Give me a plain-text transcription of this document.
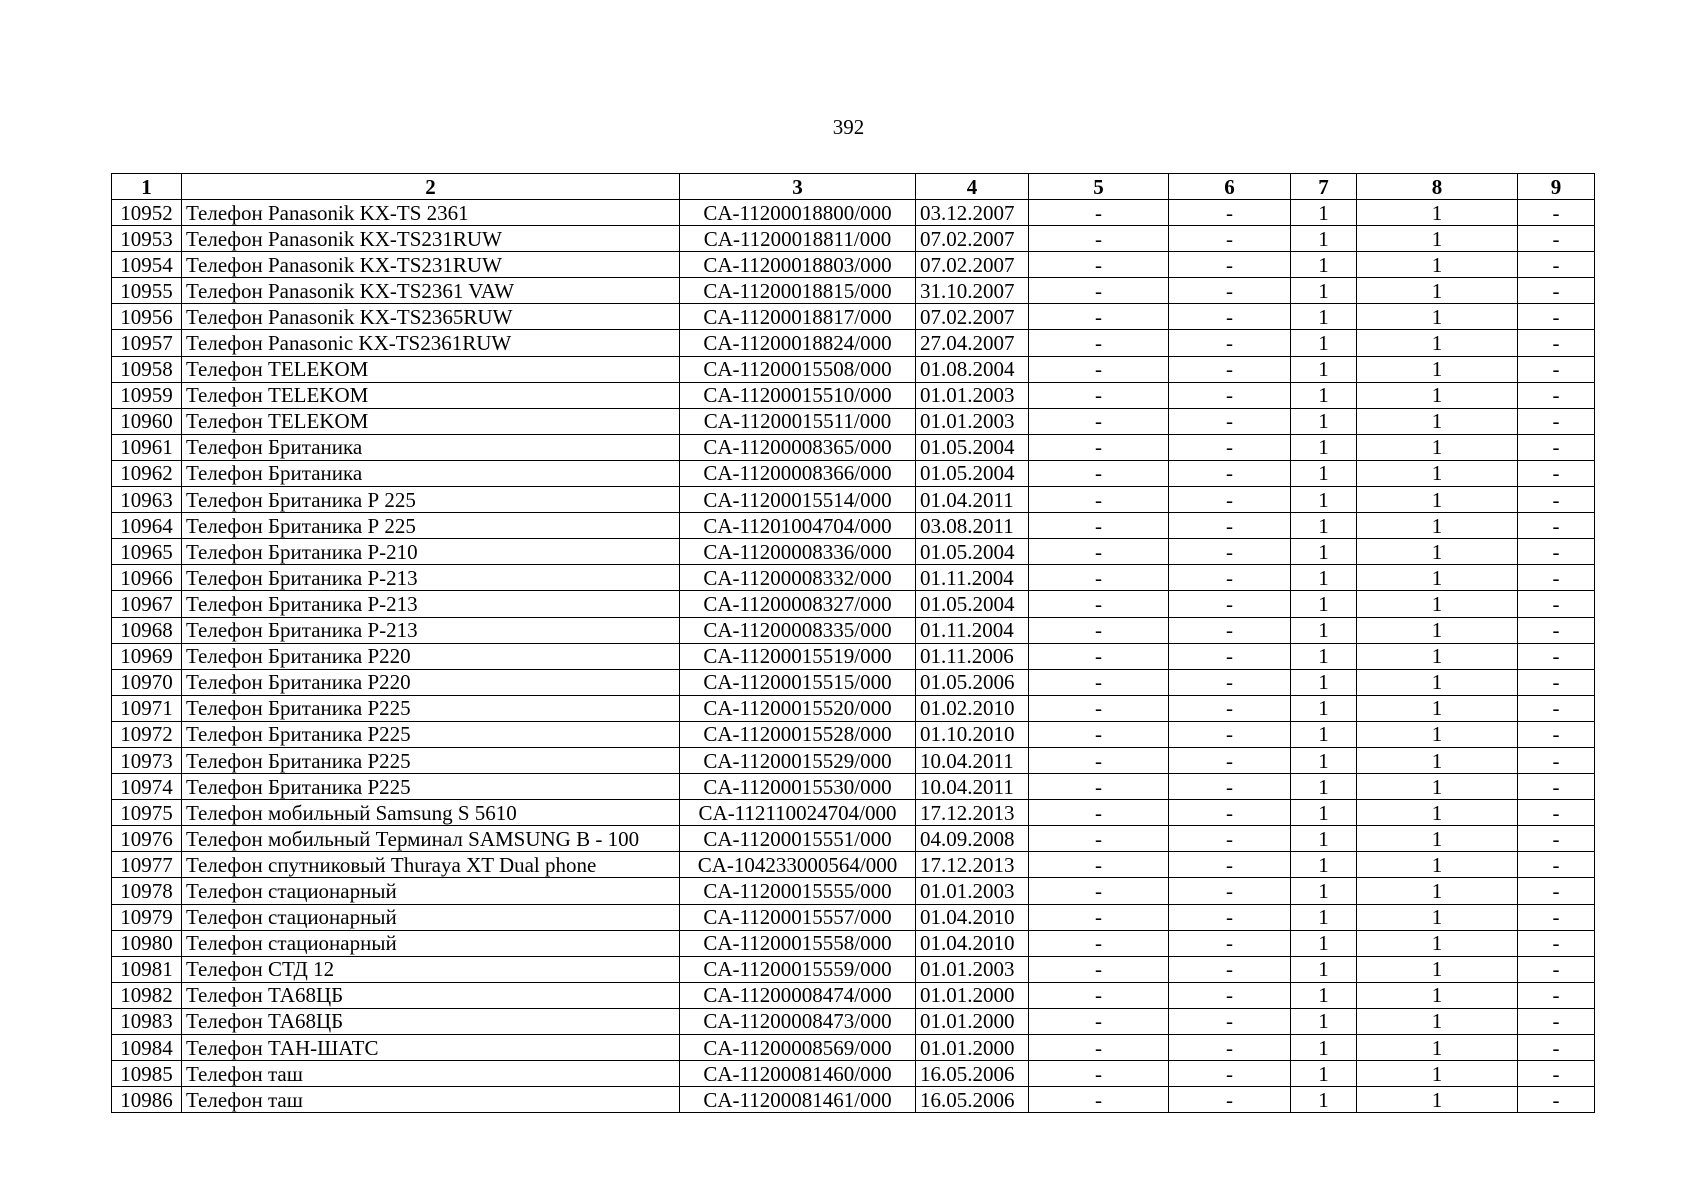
392
1	2	3	4	5	6	7	8	9
10952	Телефон Panasonik KX-TS 2361	CA-11200018800/000	03.12.2007	-	-	1	1	-
10953	Телефон Panasonik KX-TS231RUW	CA-11200018811/000	07.02.2007	-	-	1	1	-
10954	Телефон Panasonik KX-TS231RUW	CA-11200018803/000	07.02.2007	-	-	1	1	-
10955	Телефон Panasonik KX-TS2361 VAW	CA-11200018815/000	31.10.2007	-	-	1	1	-
10956	Телефон Panasonik KX-TS2365RUW	CA-11200018817/000	07.02.2007	-	-	1	1	-
10957	Телефон Panasonic KX-TS2361RUW	CA-11200018824/000	27.04.2007	-	-	1	1	-
10958	Телефон TELEKOM	CA-11200015508/000	01.08.2004	-	-	1	1	-
10959	Телефон TELEKOM	CA-11200015510/000	01.01.2003	-	-	1	1	-
10960	Телефон TELEKOM	CA-11200015511/000	01.01.2003	-	-	1	1	-
10961	Телефон Британика	CA-11200008365/000	01.05.2004	-	-	1	1	-
10962	Телефон Британика	CA-11200008366/000	01.05.2004	-	-	1	1	-
10963	Телефон Британика Р 225	CA-11200015514/000	01.04.2011	-	-	1	1	-
10964	Телефон Британика Р 225	CA-11201004704/000	03.08.2011	-	-	1	1	-
10965	Телефон Британика Р-210	CA-11200008336/000	01.05.2004	-	-	1	1	-
10966	Телефон Британика Р-213	CA-11200008332/000	01.11.2004	-	-	1	1	-
10967	Телефон Британика Р-213	CA-11200008327/000	01.05.2004	-	-	1	1	-
10968	Телефон Британика Р-213	CA-11200008335/000	01.11.2004	-	-	1	1	-
10969	Телефон Британика Р220	CA-11200015519/000	01.11.2006	-	-	1	1	-
10970	Телефон Британика Р220	CA-11200015515/000	01.05.2006	-	-	1	1	-
10971	Телефон Британика Р225	CA-11200015520/000	01.02.2010	-	-	1	1	-
10972	Телефон Британика Р225	CA-11200015528/000	01.10.2010	-	-	1	1	-
10973	Телефон Британика Р225	CA-11200015529/000	10.04.2011	-	-	1	1	-
10974	Телефон Британика Р225	CA-11200015530/000	10.04.2011	-	-	1	1	-
10975	Телефон мобильный Samsung S 5610	CA-112110024704/000	17.12.2013	-	-	1	1	-
10976	Телефон мобильный Терминал SAMSUNG B - 100	CA-11200015551/000	04.09.2008	-	-	1	1	-
10977	Телефон спутниковый Thuraya XT Dual phone	CA-104233000564/000	17.12.2013	-	-	1	1	-
10978	Телефон стационарный	CA-11200015555/000	01.01.2003	-	-	1	1	-
10979	Телефон стационарный	CA-11200015557/000	01.04.2010	-	-	1	1	-
10980	Телефон стационарный	CA-11200015558/000	01.04.2010	-	-	1	1	-
10981	Телефон СТД 12	CA-11200015559/000	01.01.2003	-	-	1	1	-
10982	Телефон ТА68ЦБ	CA-11200008474/000	01.01.2000	-	-	1	1	-
10983	Телефон ТА68ЦБ	CA-11200008473/000	01.01.2000	-	-	1	1	-
10984	Телефон ТАН-ШАТС	CA-11200008569/000	01.01.2000	-	-	1	1	-
10985	Телефон таш	CA-11200081460/000	16.05.2006	-	-	1	1	-
10986	Телефон таш	CA-11200081461/000	16.05.2006	-	-	1	1	-
